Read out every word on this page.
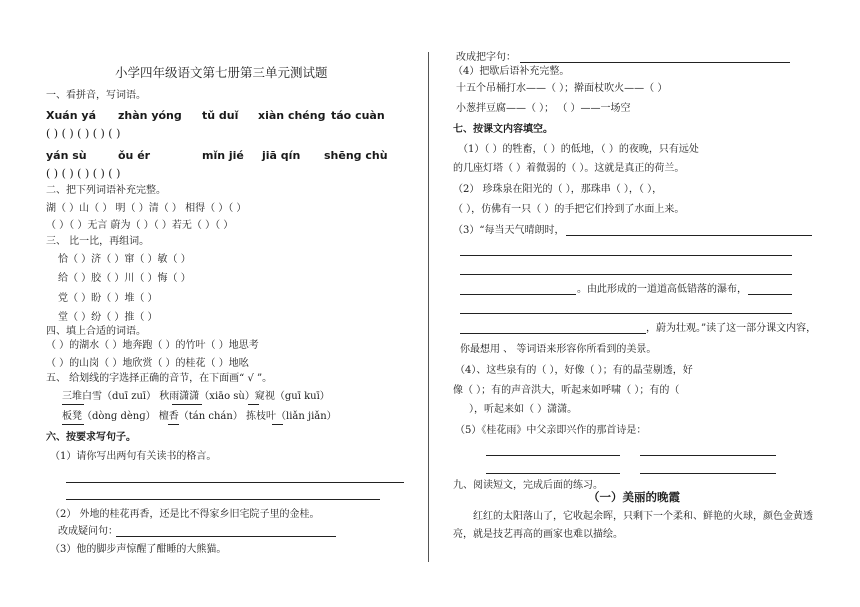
小学四年级语文第七册第三单元测试题
一、看拼音，写词语。
Xuán yá zhàn yónɡ tǔ duǐ xiàn chénɡ táo cuàn
( ) ( ) ( ) ( ) ( )
yán sù	ǒu ér	mǐn jié jiā qín shēnɡ chù
( ) ( ) ( ) ( ) ( )
二、把下列词语补充完整。
湖（ ）山（ ） 明（ ）清（ ） 相得（ ）（ ）
（ ）（ ）无言 蔚为（ ）（ ）若无（ ）（ ）
三、 比一比，再组词。
恰（ ）济（ ）窜（ ）敏（ ）
给（ ）胶（ ）川（ ）悔（ ）
党（ ）盼（ ）堆（ ）
堂（ ）纷（ ）推（ ）
四、填上合适的词语。
（ ）的湖水（ ）地奔跑（ ）的竹叶（ ）地思考
（ ）的山岗（ ）地欣赏（ ）的桂花（ ）地吆
五、 给划线的字选择正确的音节，在下面画“ √ ”。
三堆白雪（duī zuī） 秋雨潇潇（xiāo sù）窥视（guī kuī）
板凳（dònɡ dènɡ） 檀香（tán chán） 拣枝叶（liǎn jiǎn）
六、按要求写句子。
（1）请你写出两句有关读书的格言。
（2） 外地的桂花再香，还是比不得家乡旧宅院子里的金桂。
改成疑问句：
（3）他的脚步声惊醒了酣睡的大熊猫。
改成把字句：
（4）把歇后语补充完整。
十五个吊桶打水——（ ）；擀面杖吹火——（ ）
小葱拌豆腐——（ ）； （ ）——一场空
七、按课文内容填空。
（1）（ ）的牲畜，（ ）的低地，（ ）的夜晚，只有远处
的几座灯塔（ ）着微弱的（ ）。这就是真正的荷兰。
（2） 珍珠泉在阳光的（ ），那珠串（ ），（ ），
（ ），仿佛有一只（ ）的手把它们拎到了水面上来。
（3）“每当天气晴朗时，
。由此形成的一道道高低错落的瀑布，
，蔚为壮观。”读了这一部分课文内容，
你最想用 、 等词语来形容你所看到的美景。
（4）、这些泉有的（ ），好像（ ）；有的晶莹剔透，好
像（ ）；有的声音洪大，听起来如呼啸（ ）；有的（
），听起来如（ ）潇潇。
（5）《桂花雨》中父亲即兴作的那首诗是：
九、阅读短文，完成后面的练习。
（一）美丽的晚霞
红红的太阳落山了，它收起余晖，只剩下一个柔和、鲜艳的火球，颜色金黄透
亮，就是技艺再高的画家也难以描绘。
